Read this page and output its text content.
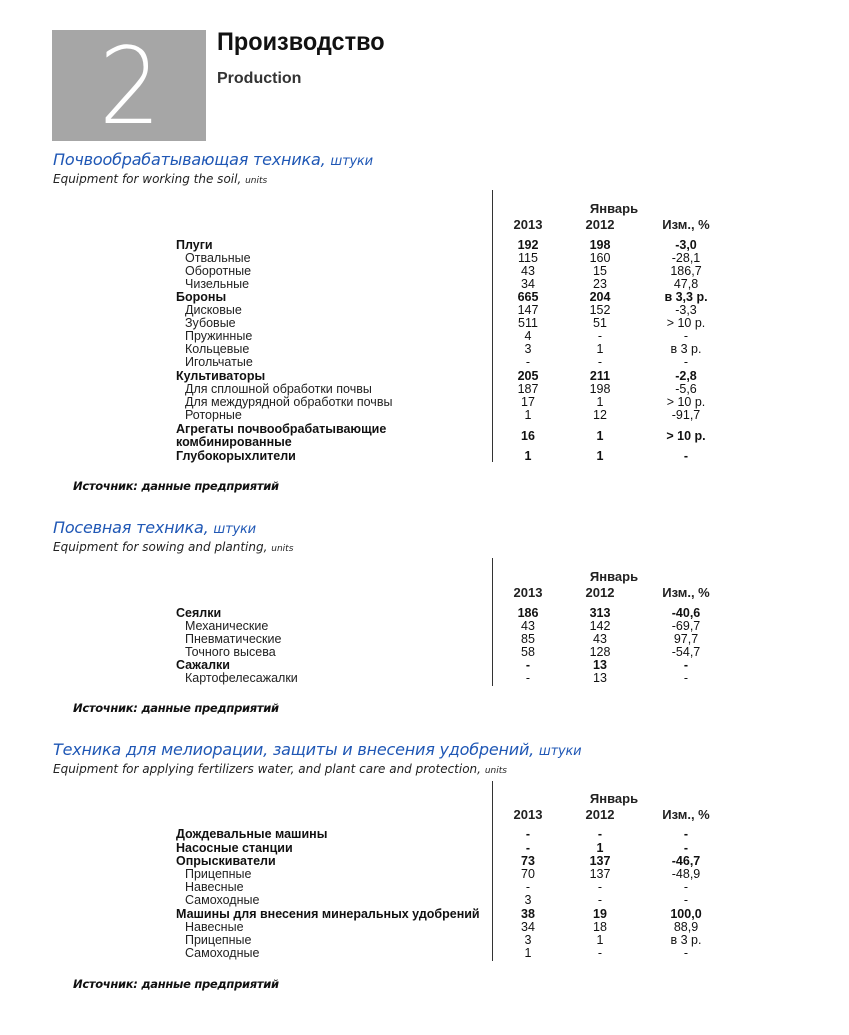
2	Производство
Production
Почвообрабатывающая техника, штуки
Equipment for working the soil, units
Январь
2013	2012	Изм., %
Плуги	192	198	-3,0
Отвальные	115	160	-28,1
Оборотные	43	15	186,7
Чизельные	34	23	47,8
Бороны	665	204	в 3,3 р.
Дисковые	147	152	-3,3
Зубовые	511	51	> 10 р.
Пружинные	4	-	-
Кольцевые	3	1	в 3 р.
Игольчатые	-	-	-
Культиваторы	205	211	-2,8
Для сплошной обработки почвы	187	198	-5,6
Для междурядной обработки почвы	17	1	> 10 р.
Роторные	1	12	-91,7
Агрегаты почвообрабатывающие
комбинированные	16	1	> 10 р.
Глубокорыхлители	1	1	-
Источник: данные предприятий
Посевная техника, штуки
Equipment for sowing and planting, units
Январь
2013	2012	Изм., %
Сеялки	186	313	-40,6
Механические	43	142	-69,7
Пневматические	85	43	97,7
Точного высева	58	128	-54,7
Сажалки	-	13	-
Картофелесажалки	-	13	-
Источник: данные предприятий
Техника для мелиорации, защиты и внесения удобрений, штуки
Equipment for applying fertilizers water, and plant care and protection, units
Январь
2013	2012	Изм., %
Дождевальные машины	-	-	-
Насосные станции	-	1	-
Опрыскиватели	73	137	-46,7
Прицепные	70	137	-48,9
Навесные	-	-	-
Самоходные	3	-	-
Машины для внесения минеральных удобрений	38	19	100,0
Навесные	34	18	88,9
Прицепные	3	1	в 3 р.
Самоходные	1	-	-
Источник: данные предприятий
